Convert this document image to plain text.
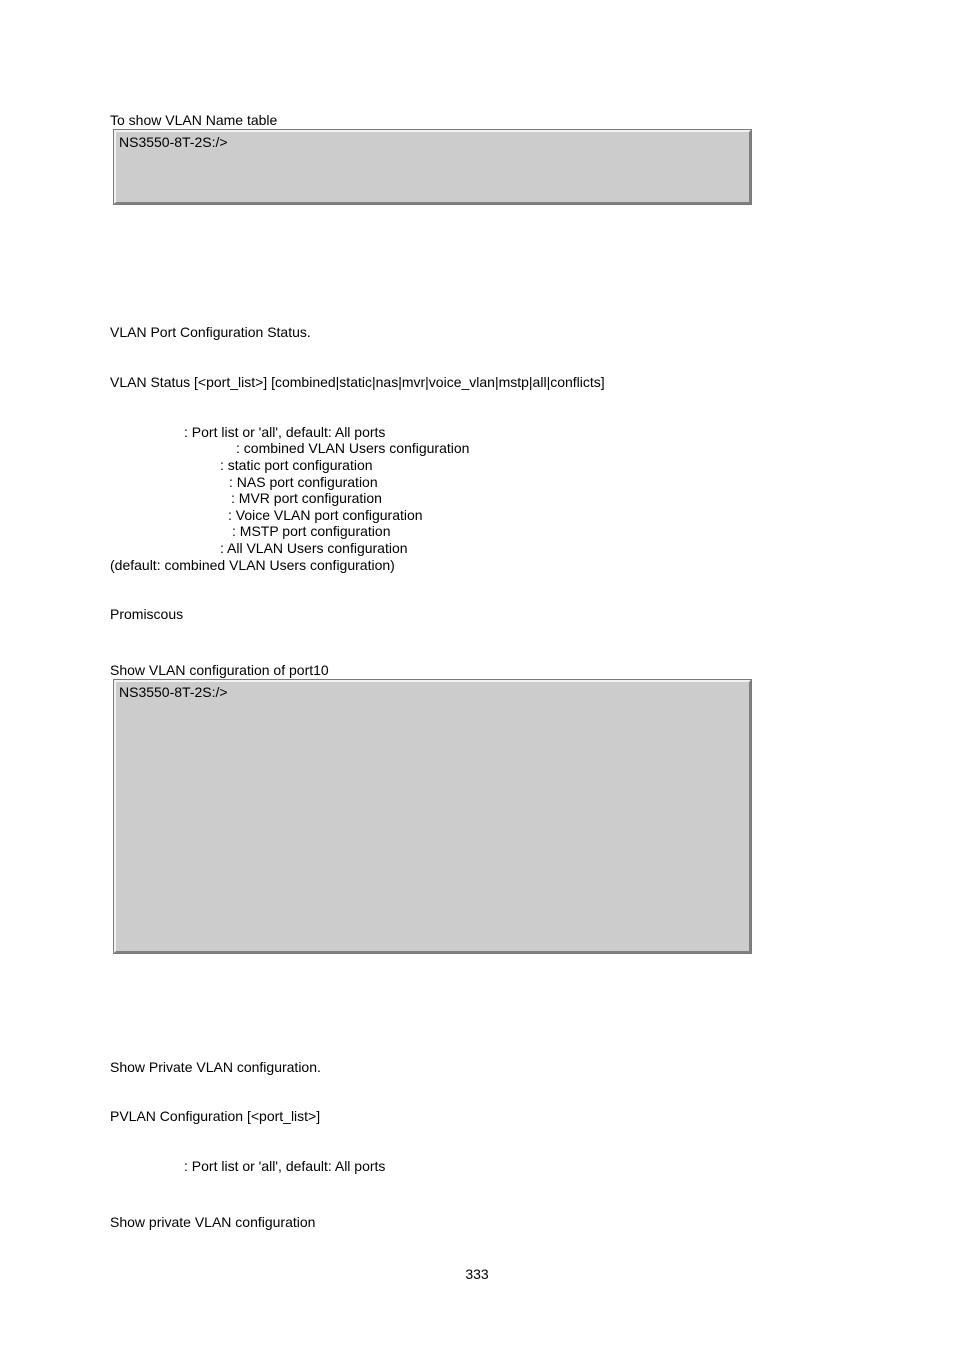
To show VLAN Name table

NS3550-8T-2S:/>

VLAN Port Configuration Status.

VLAN Status [<port_list>] [combined|static|nas|mvr|voice_vlan|mstp|all|conflicts]

: Port list or 'all', default: All ports

: combined VLAN Users configuration

: static port configuration

: NAS port configuration

: MVR port configuration

: Voice VLAN port configuration

: MSTP port configuration

: All VLAN Users configuration

(default: combined VLAN Users configuration)

Promiscous

Show VLAN configuration of port10

NS3550-8T-2S:/>

Show Private VLAN configuration.

PVLAN Configuration [<port_list>]

: Port list or 'all', default: All ports

Show private VLAN configuration

333
